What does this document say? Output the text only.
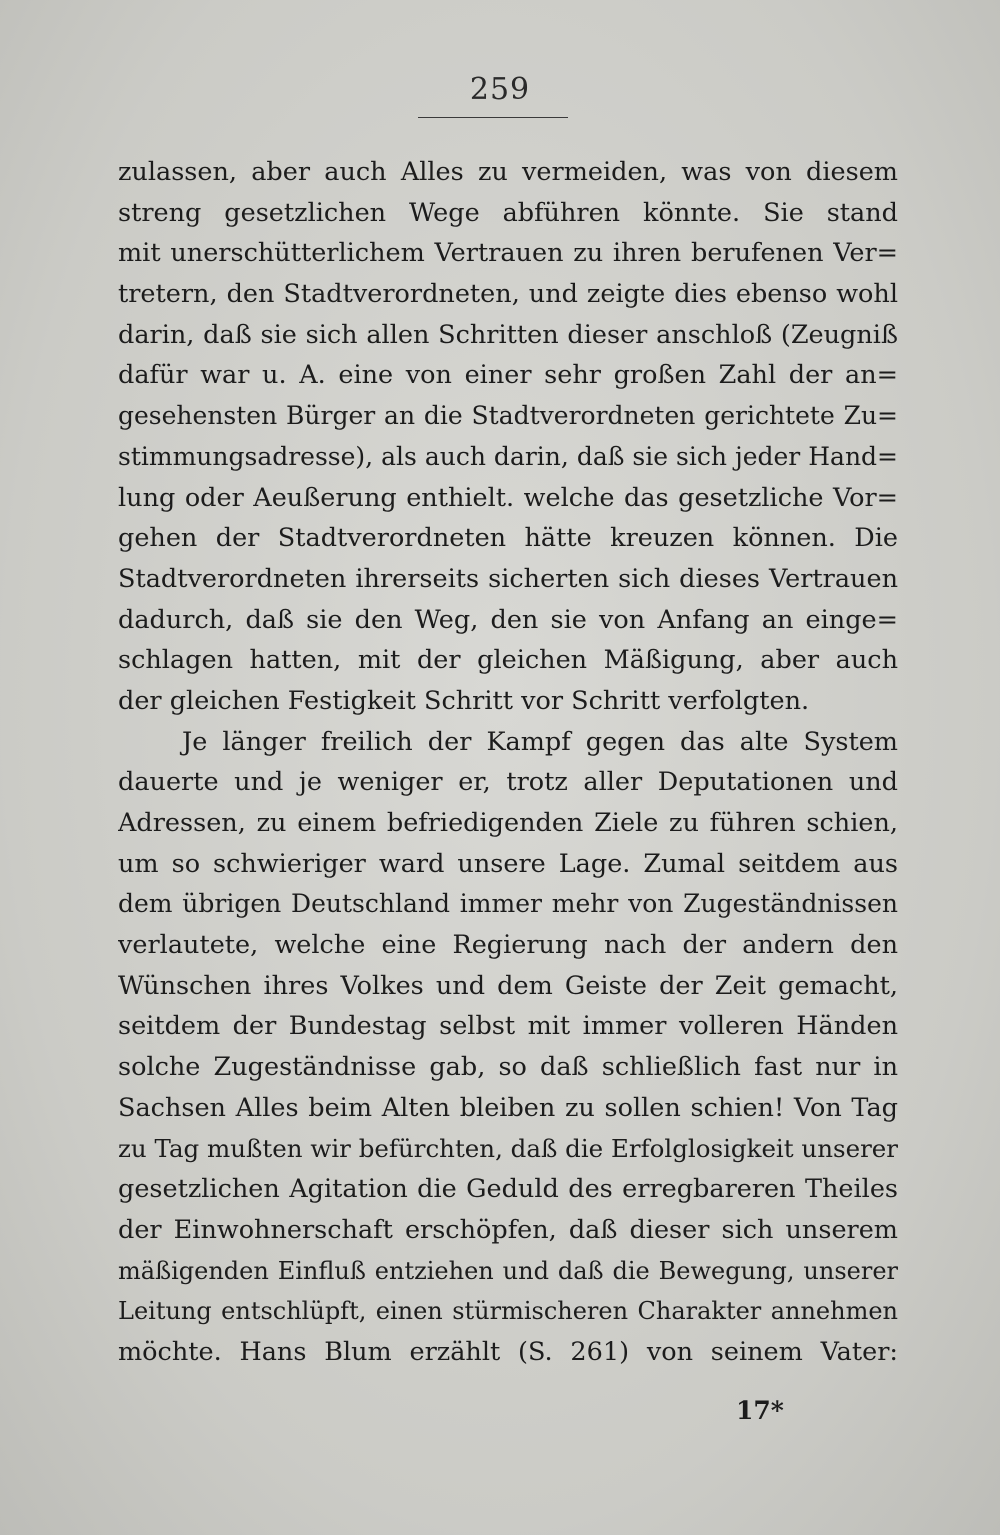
259
zulassen, aber auch Alles zu vermeiden, was von diesem
streng gesetzlichen Wege abführen könnte. Sie stand
mit unerschütterlichem Vertrauen zu ihren berufenen Ver=
tretern, den Stadtverordneten, und zeigte dies ebenso wohl
darin, daß sie sich allen Schritten dieser anschloß (Zeugniß
dafür war u. A. eine von einer sehr großen Zahl der an=
gesehensten Bürger an die Stadtverordneten gerichtete Zu=
stimmungsadresse), als auch darin, daß sie sich jeder Hand=
lung oder Aeußerung enthielt. welche das gesetzliche Vor=
gehen der Stadtverordneten hätte kreuzen können. Die
Stadtverordneten ihrerseits sicherten sich dieses Vertrauen
dadurch, daß sie den Weg, den sie von Anfang an einge=
schlagen hatten, mit der gleichen Mäßigung, aber auch
der gleichen Festigkeit Schritt vor Schritt verfolgten.
Je länger freilich der Kampf gegen das alte System
dauerte und je weniger er, trotz aller Deputationen und
Adressen, zu einem befriedigenden Ziele zu führen schien,
um so schwieriger ward unsere Lage. Zumal seitdem aus
dem übrigen Deutschland immer mehr von Zugeständnissen
verlautete, welche eine Regierung nach der andern den
Wünschen ihres Volkes und dem Geiste der Zeit gemacht,
seitdem der Bundestag selbst mit immer volleren Händen
solche Zugeständnisse gab, so daß schließlich fast nur in
Sachsen Alles beim Alten bleiben zu sollen schien! Von Tag
zu Tag mußten wir befürchten, daß die Erfolglosigkeit unserer
gesetzlichen Agitation die Geduld des erregbareren Theiles
der Einwohnerschaft erschöpfen, daß dieser sich unserem
mäßigenden Einfluß entziehen und daß die Bewegung, unserer
Leitung entschlüpft, einen stürmischeren Charakter annehmen
möchte. Hans Blum erzählt (S. 261) von seinem Vater:
17*
